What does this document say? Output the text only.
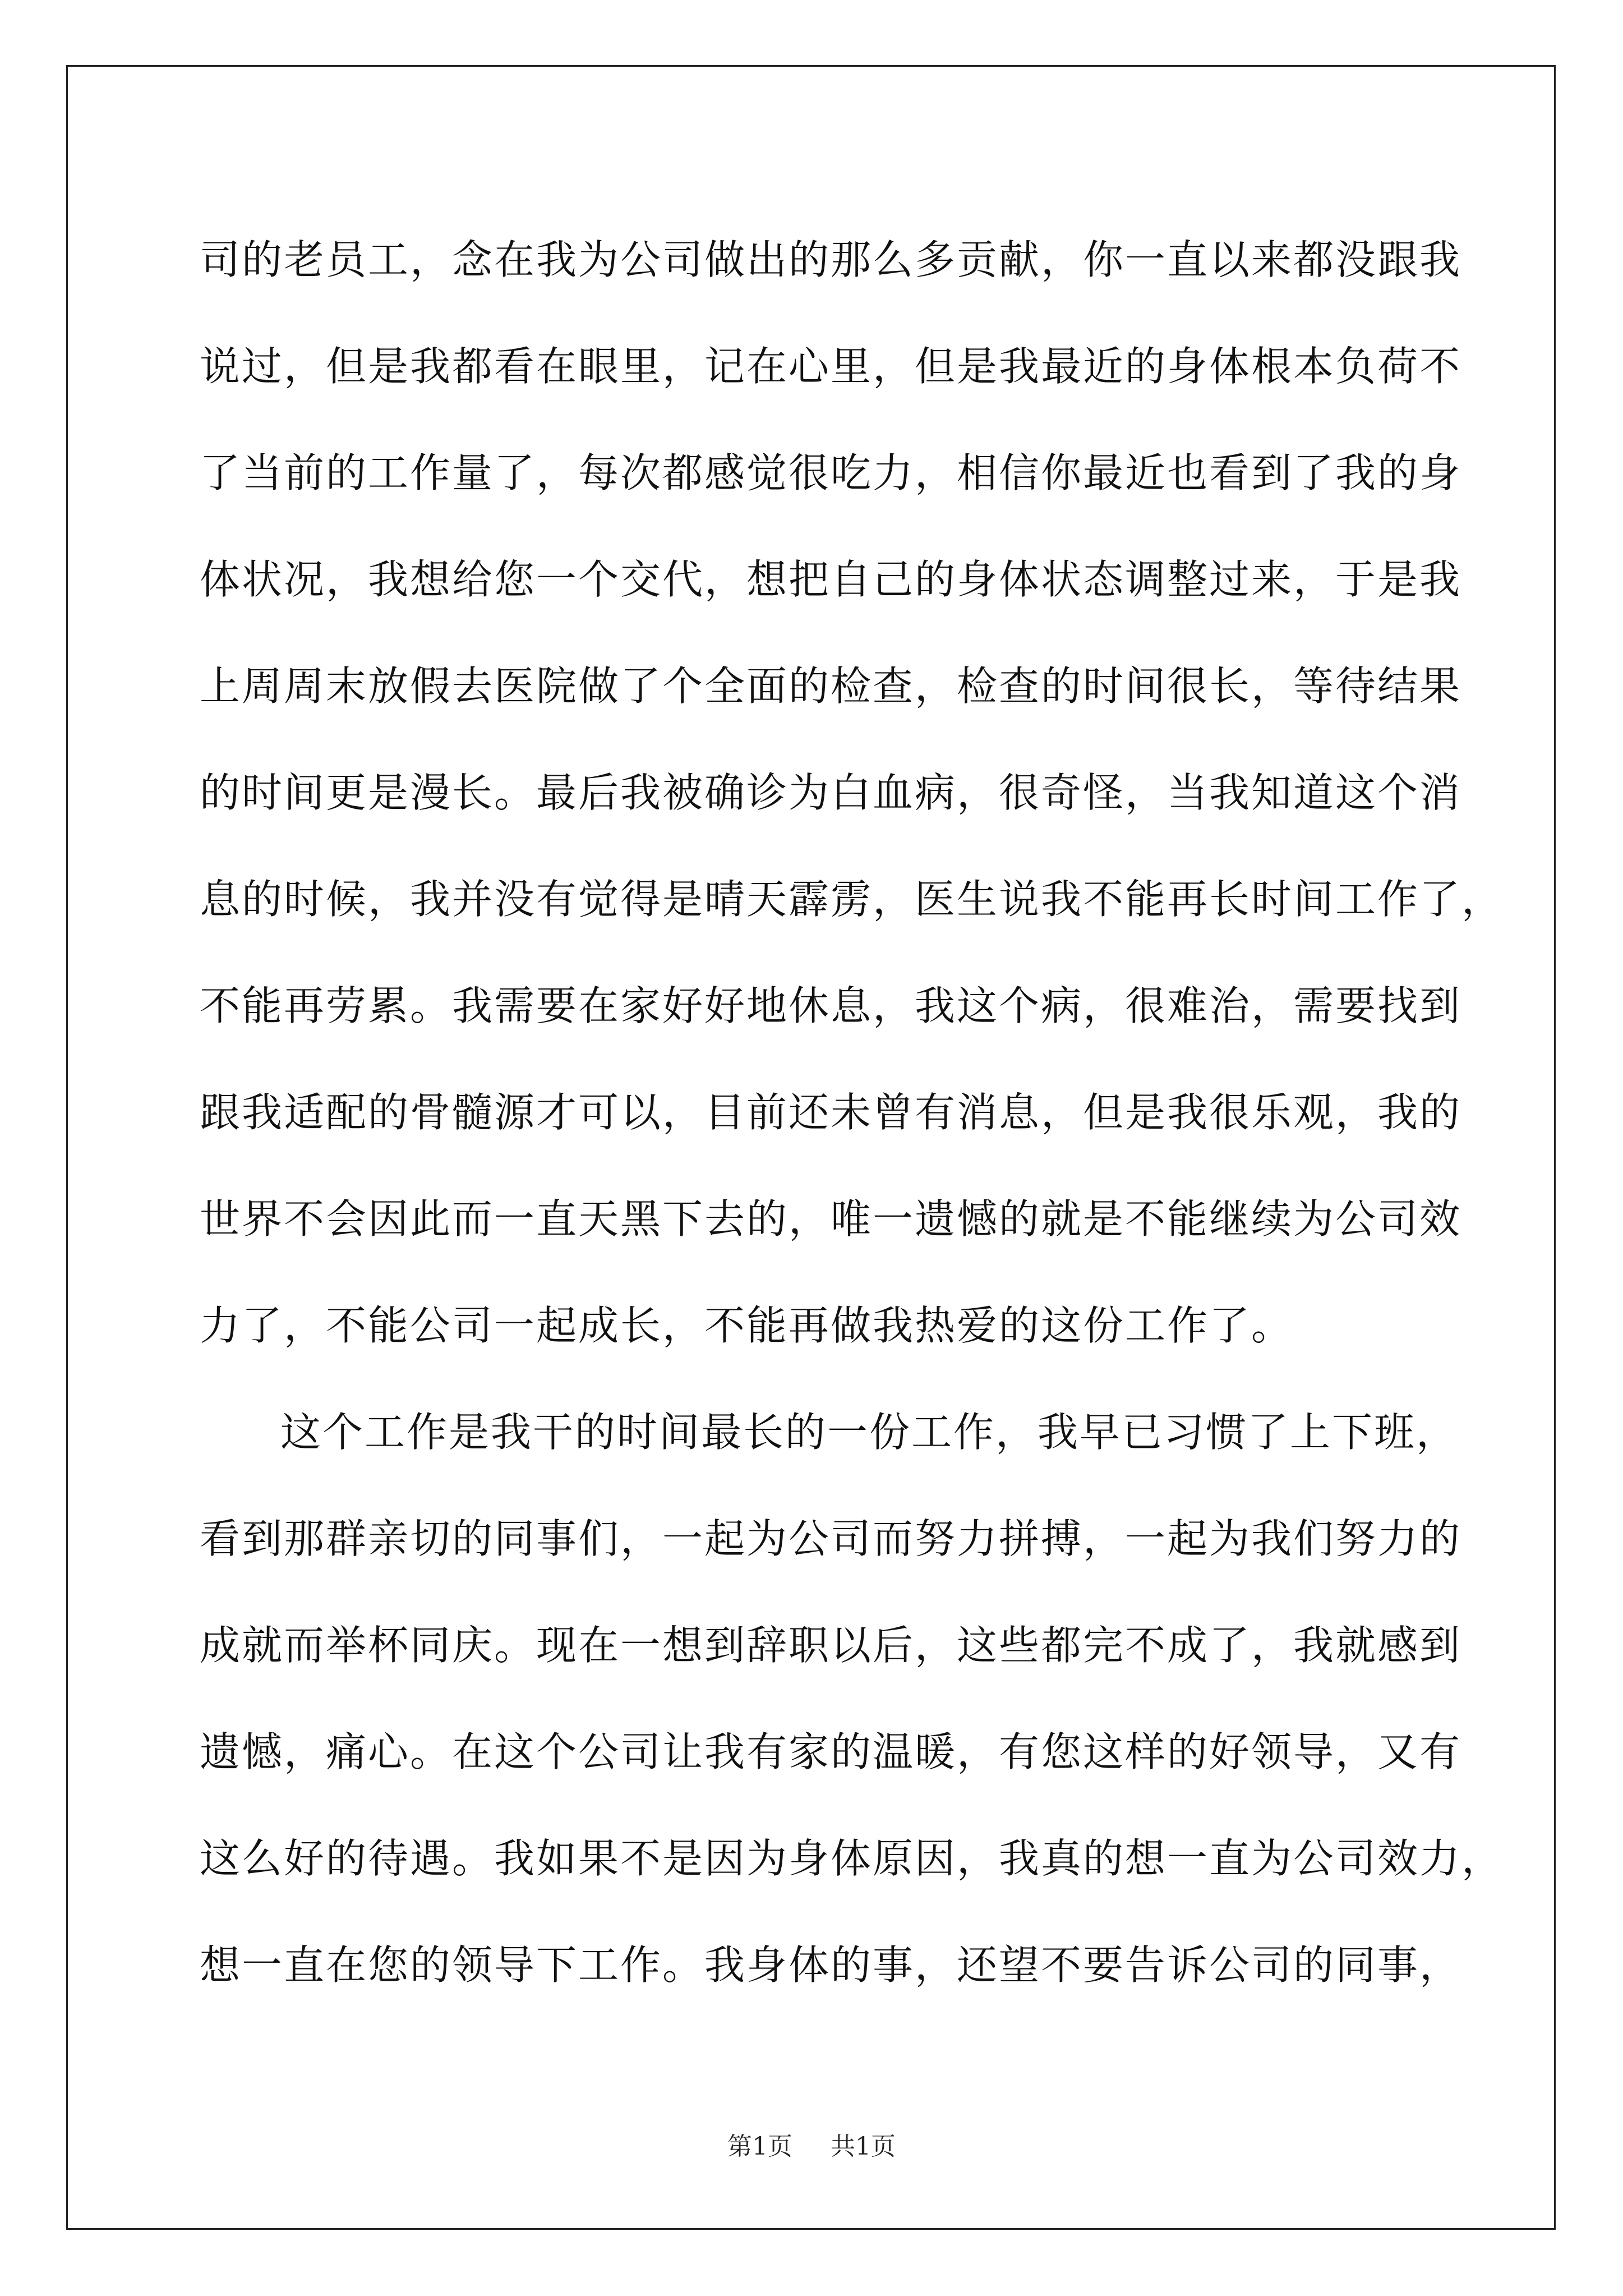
司的老员工，念在我为公司做出的那么多贡献，你一直以来都没跟我
说过，但是我都看在眼里，记在心里，但是我最近的身体根本负荷不
了当前的工作量了，每次都感觉很吃力，相信你最近也看到了我的身
体状况，我想给您一个交代，想把自己的身体状态调整过来，于是我
上周周末放假去医院做了个全面的检查，检查的时间很长，等待结果
的时间更是漫长。最后我被确诊为白血病，很奇怪，当我知道这个消
息的时候，我并没有觉得是晴天霹雳，医生说我不能再长时间工作了，
不能再劳累。我需要在家好好地休息，我这个病，很难治，需要找到
跟我适配的骨髓源才可以，目前还未曾有消息，但是我很乐观，我的
世界不会因此而一直天黑下去的，唯一遗憾的就是不能继续为公司效
力了，不能公司一起成长，不能再做我热爱的这份工作了。
这个工作是我干的时间最长的一份工作，我早已习惯了上下班，
看到那群亲切的同事们，一起为公司而努力拼搏，一起为我们努力的
成就而举杯同庆。现在一想到辞职以后，这些都完不成了，我就感到
遗憾，痛心。在这个公司让我有家的温暖，有您这样的好领导，又有
这么好的待遇。我如果不是因为身体原因，我真的想一直为公司效力，
想一直在您的领导下工作。我身体的事，还望不要告诉公司的同事，
第1页 共1页
